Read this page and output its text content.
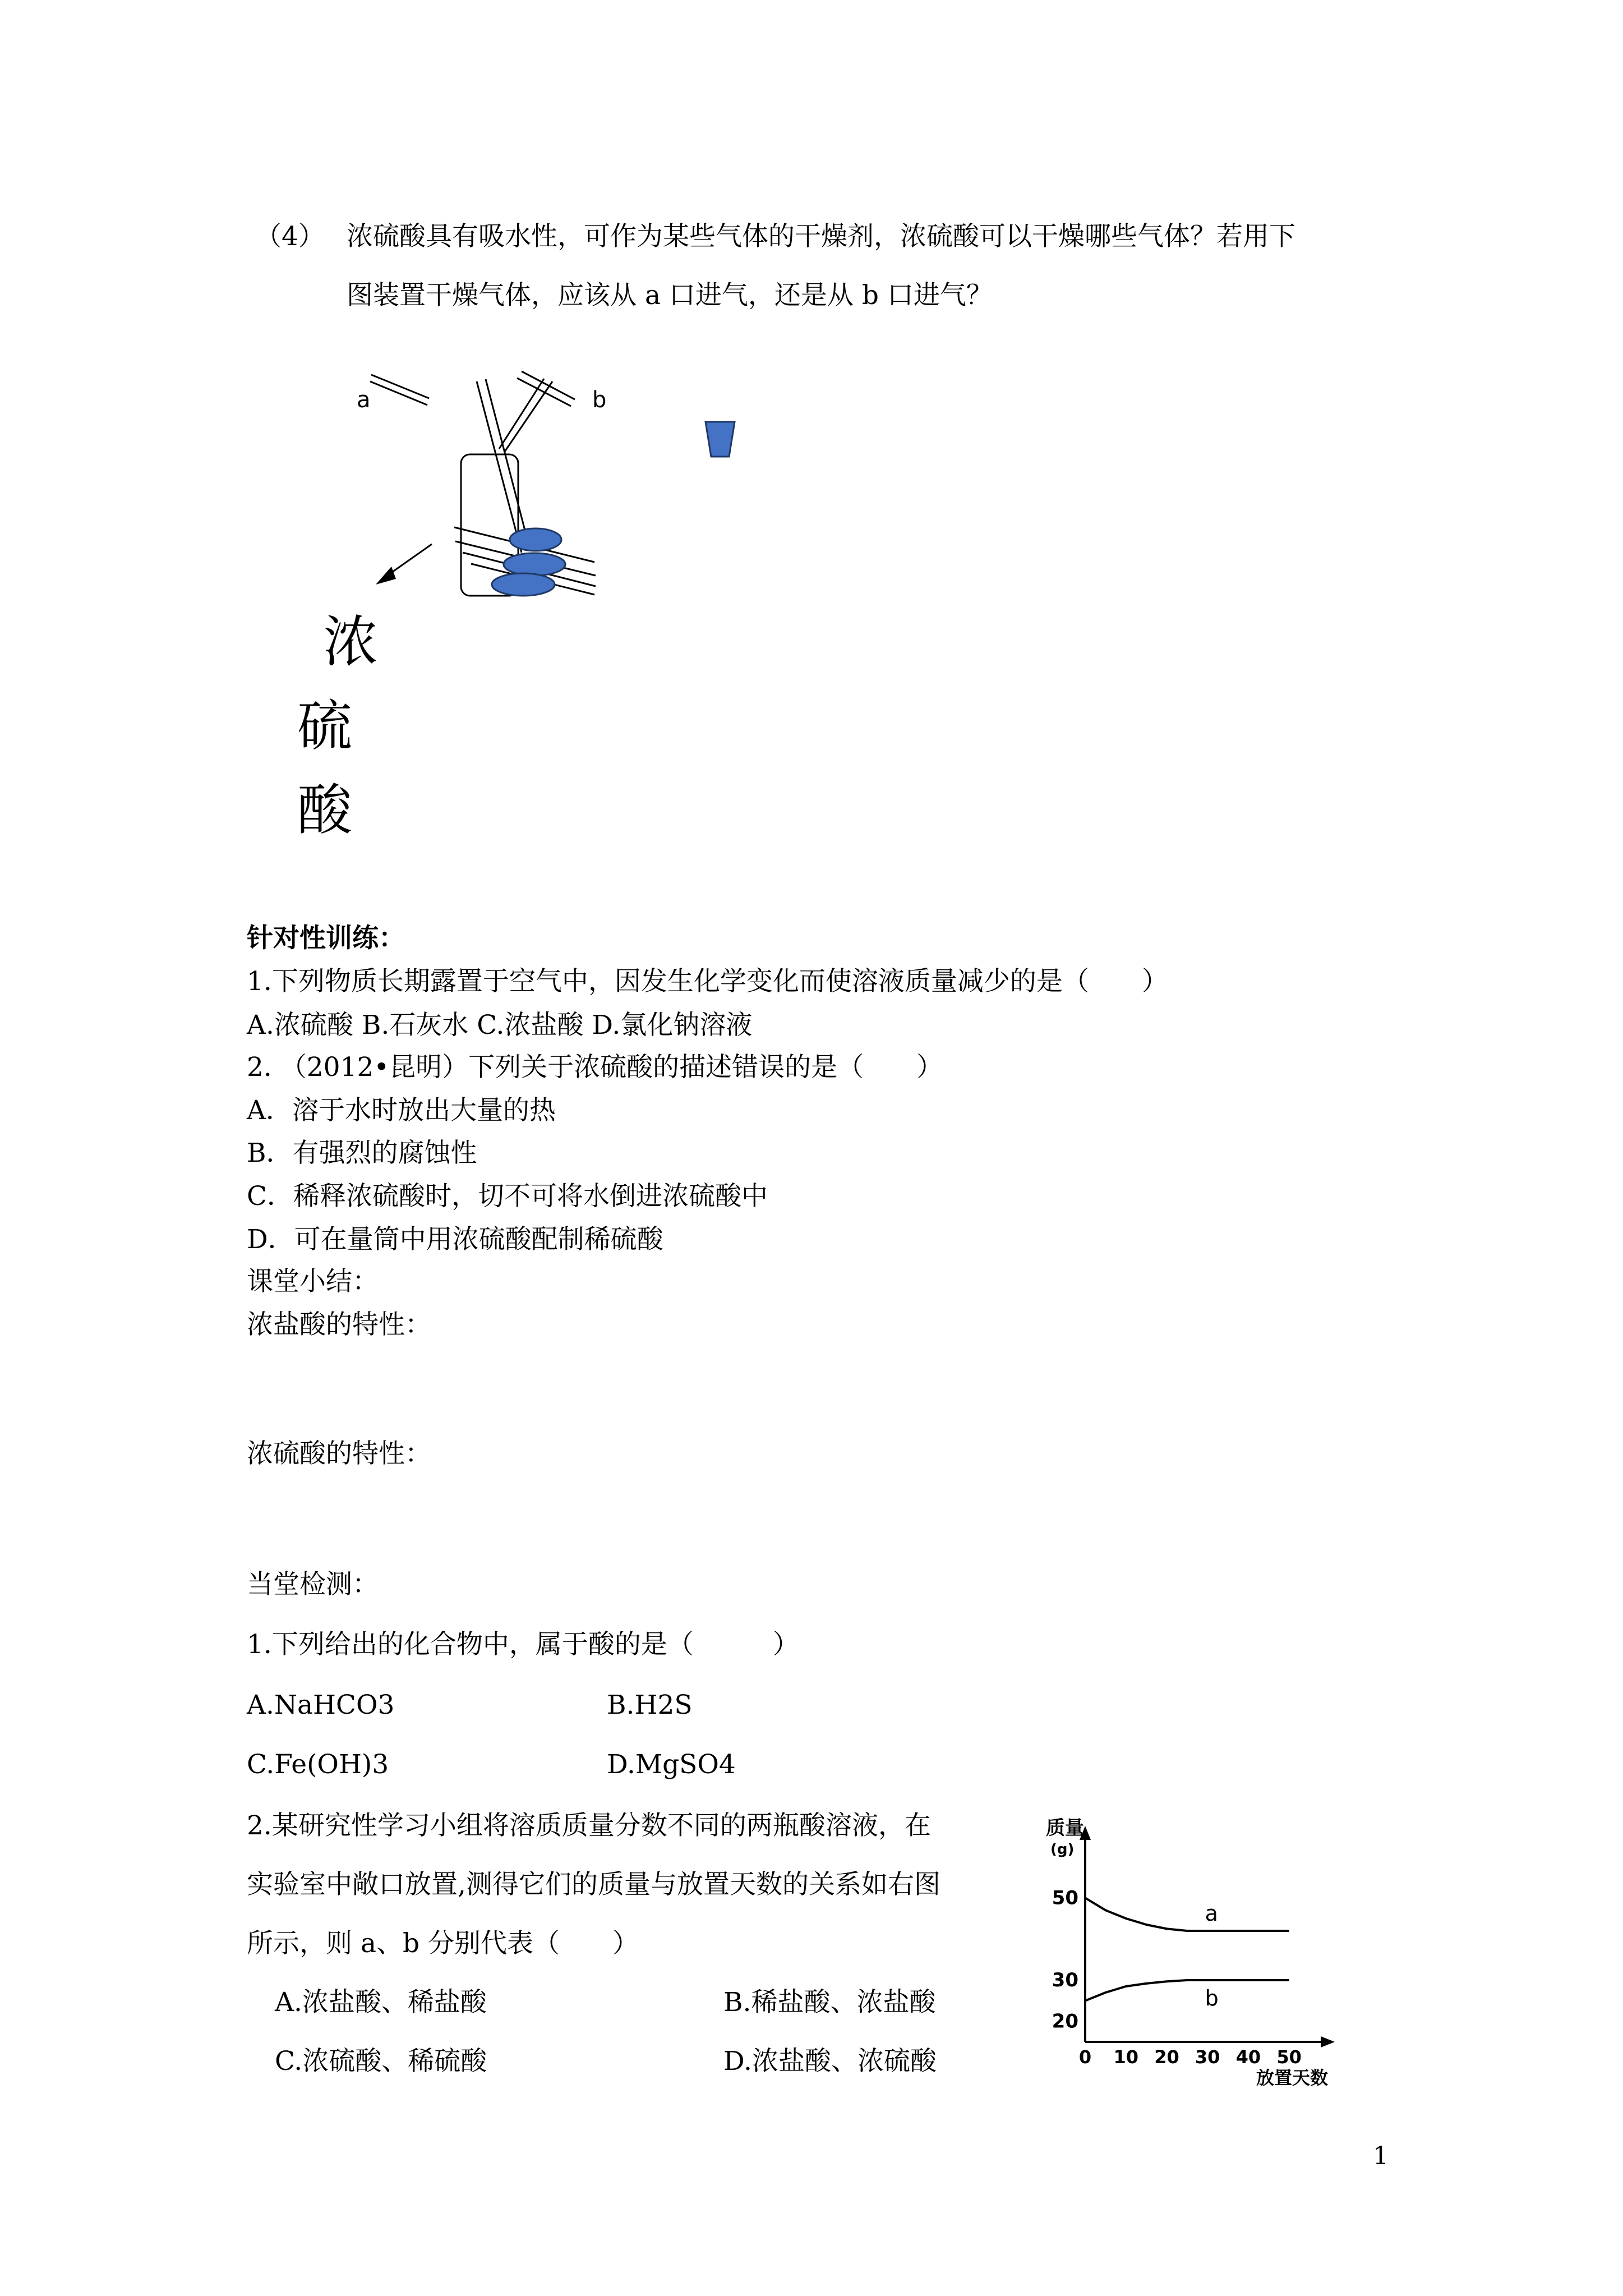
（4） 浓硫酸具有吸水性，可作为某些气体的干燥剂，浓硫酸可以干燥哪些气体？若用下
图装置干燥气体，应该从 a 口进气，还是从 b 口进气？
a	b
浓
硫
酸
针对性训练：
1.下列物质长期露置于空气中，因发生化学变化而使溶液质量减少的是（　　）
A.浓硫酸 B.石灰水 C.浓盐酸 D.氯化钠溶液
2. （2012•昆明）下列关于浓硫酸的描述错误的是（　　）
A．溶于水时放出大量的热
B．有强烈的腐蚀性
C．稀释浓硫酸时，切不可将水倒进浓硫酸中
D．可在量筒中用浓硫酸配制稀硫酸
课堂小结：
浓盐酸的特性：
浓硫酸的特性：
当堂检测：
1.下列给出的化合物中，属于酸的是（　　　）
A.NaHCO3	B.H2S
C.Fe(OH)3	D.MgSO4
2.某研究性学习小组将溶质质量分数不同的两瓶酸溶液，在
实验室中敞口放置,测得它们的质量与放置天数的关系如右图
所示，则 a、b 分别代表（　　）
A.浓盐酸、稀盐酸	B.稀盐酸、浓盐酸
C.浓硫酸、稀硫酸	D.浓盐酸、浓硫酸
质量
(g)
放置天数
0 10 20 30 40 50
20
30
50
a
b
1
